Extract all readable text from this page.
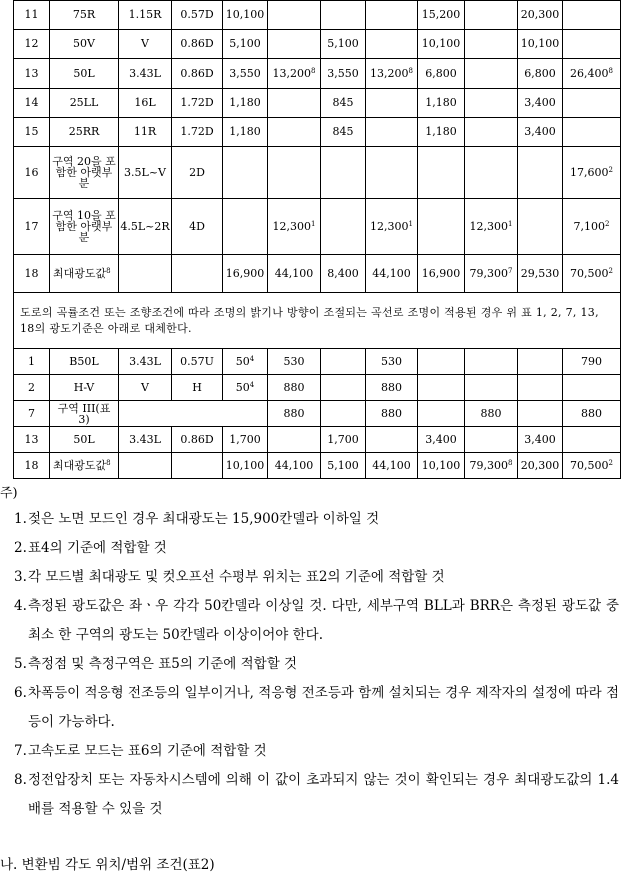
11	75R	1.15R	0.57D	10,100				15,200		20,300	
12	50V	V	0.86D	5,100		5,100		10,100		10,100	
13	50L	3.43L	0.86D	3,550	13,200$^8$	3,550	13,200$^8$	6,800		6,800	26,400$^8$
14	25LL	16L	1.72D	1,180		845		1,180		3,400	
15	25RR	11R	1.72D	1,180		845		1,180		3,400	
16	구역 20을 포함한 아랫부분	3.5L~V	2D								17,600$^2$
17	구역 10을 포함한 아랫부분	4.5L~2R	4D		12,300$^1$		12,300$^1$		12,300$^1$		7,100$^2$
18	최대광도값$^8$			16,900	44,100	8,400	44,100	16,900	79,300$^7$	29,530	70,500$^2$
도로의 곡률조건 또는 조향조건에 따라 조명의 밝기나 방향이 조절되는 곡선로 조명이 적용된 경우 위 표 1, 2, 7, 13, 18의 광도기준은 아래로 대체한다.											
1	B50L	3.43L	0.57U	$50^4$	530		530				790
2	H-V	V	H	$50^4$	880		880				
7	구역 III(표 3)				880		880		880		880
13	50L	3.43L	0.86D	1,700		1,700		3,400		3,400	
18	최대광도값$^8$			10,100	44,100	5,100	44,100	10,100	79,300$^8$	20,300	70,500$^2$
주)
1. 젖은 노면 모드인 경우 최대광도는 15,900칸델라 이하일 것
2. 표4의 기준에 적합할 것
3. 각 모드별 최대광도 및 컷오프선 수평부 위치는 표2의 기준에 적합할 것
4. 측정된 광도값은 좌ㆍ우 각각 50칸델라 이상일 것. 다만, 세부구역 BLL과 BRR은 측정된 광도값 중 최소 한 구역의 광도는 50칸델라 이상이어야 한다.
5. 측정점 및 측정구역은 표5의 기준에 적합할 것
6. 차폭등이 적응형 전조등의 일부이거나, 적응형 전조등과 함께 설치되는 경우 제작자의 설정에 따라 점등이 가능하다.
7. 고속도로 모드는 표6의 기준에 적합할 것
8. 정전압장치 또는 자동차시스템에 의해 이 값이 초과되지 않는 것이 확인되는 경우 최대광도값의 1.4배를 적용할 수 있을 것
나. 변환빔 각도 위치/범위 조건(표2)
